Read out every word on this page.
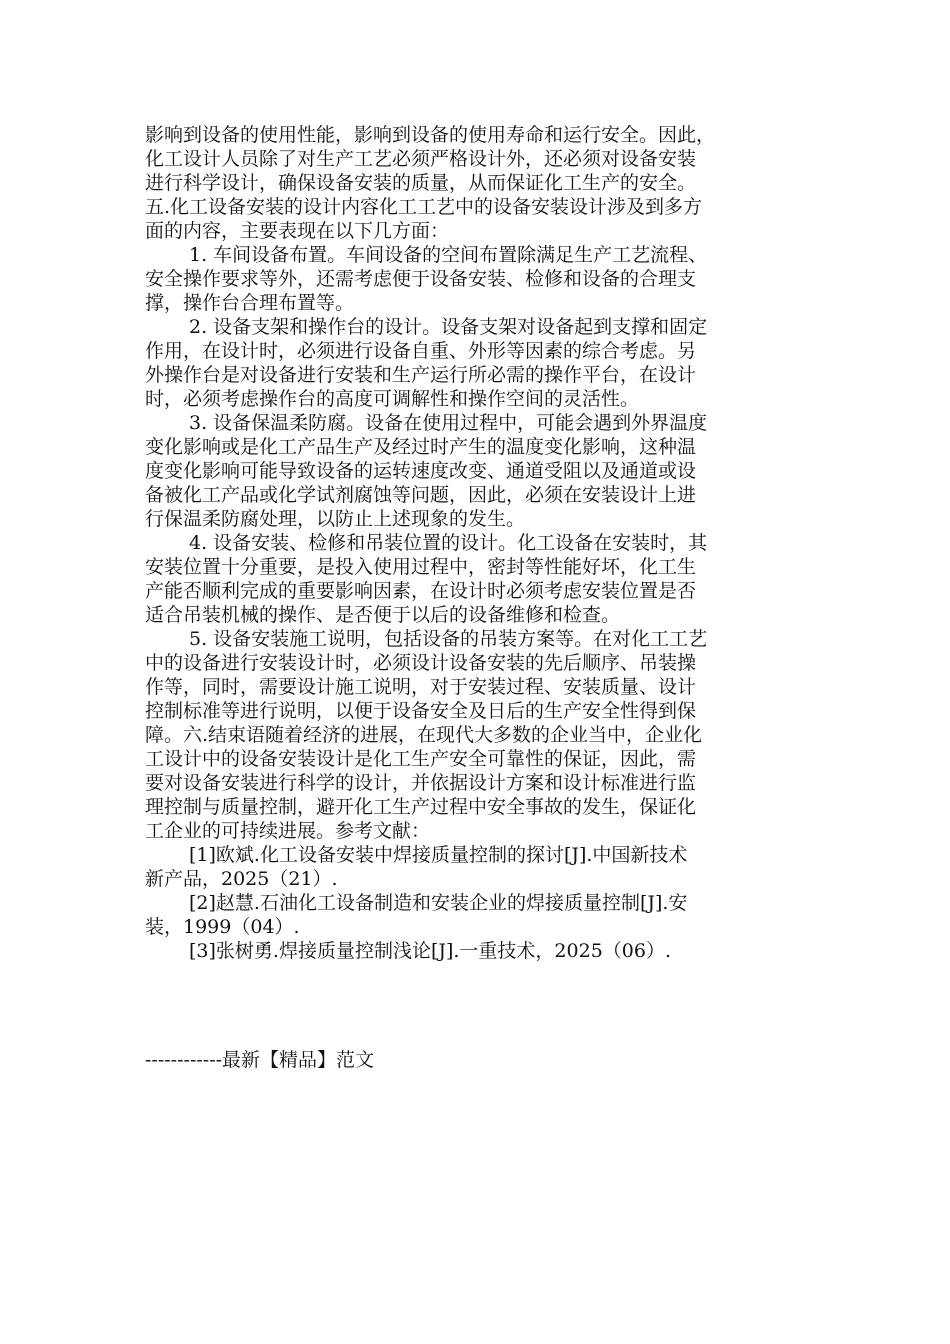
影响到设备的使用性能，影响到设备的使用寿命和运行安全。因此，
化工设计人员除了对生产工艺必须严格设计外，还必须对设备安装
进行科学设计，确保设备安装的质量，从而保证化工生产的安全。
五.化工设备安装的设计内容化工工艺中的设备安装设计涉及到多方
面的内容，主要表现在以下几方面：
1. 车间设备布置。车间设备的空间布置除满足生产工艺流程、
安全操作要求等外，还需考虑便于设备安装、检修和设备的合理支
撑，操作台合理布置等。
2. 设备支架和操作台的设计。设备支架对设备起到支撑和固定
作用，在设计时，必须进行设备自重、外形等因素的综合考虑。另
外操作台是对设备进行安装和生产运行所必需的操作平台，在设计
时，必须考虑操作台的高度可调解性和操作空间的灵活性。
3. 设备保温柔防腐。设备在使用过程中，可能会遇到外界温度
变化影响或是化工产品生产及经过时产生的温度变化影响，这种温
度变化影响可能导致设备的运转速度改变、通道受阻以及通道或设
备被化工产品或化学试剂腐蚀等问题，因此，必须在安装设计上进
行保温柔防腐处理，以防止上述现象的发生。
4. 设备安装、检修和吊装位置的设计。化工设备在安装时，其
安装位置十分重要，是投入使用过程中，密封等性能好坏，化工生
产能否顺利完成的重要影响因素，在设计时必须考虑安装位置是否
适合吊装机械的操作、是否便于以后的设备维修和检查。
5. 设备安装施工说明，包括设备的吊装方案等。在对化工工艺
中的设备进行安装设计时，必须设计设备安装的先后顺序、吊装操
作等，同时，需要设计施工说明，对于安装过程、安装质量、设计
控制标准等进行说明，以便于设备安全及日后的生产安全性得到保
障。六.结束语随着经济的进展，在现代大多数的企业当中，企业化
工设计中的设备安装设计是化工生产安全可靠性的保证，因此，需
要对设备安装进行科学的设计，并依据设计方案和设计标准进行监
理控制与质量控制，避开化工生产过程中安全事故的发生，保证化
工企业的可持续进展。参考文献：
[1]欧斌.化工设备安装中焊接质量控制的探讨[J].中国新技术
新产品，2025（21）.
[2]赵慧.石油化工设备制造和安装企业的焊接质量控制[J].安
装，1999（04）.
[3]张树勇.焊接质量控制浅论[J].一重技术，2025（06）.
------------最新【精品】范文
